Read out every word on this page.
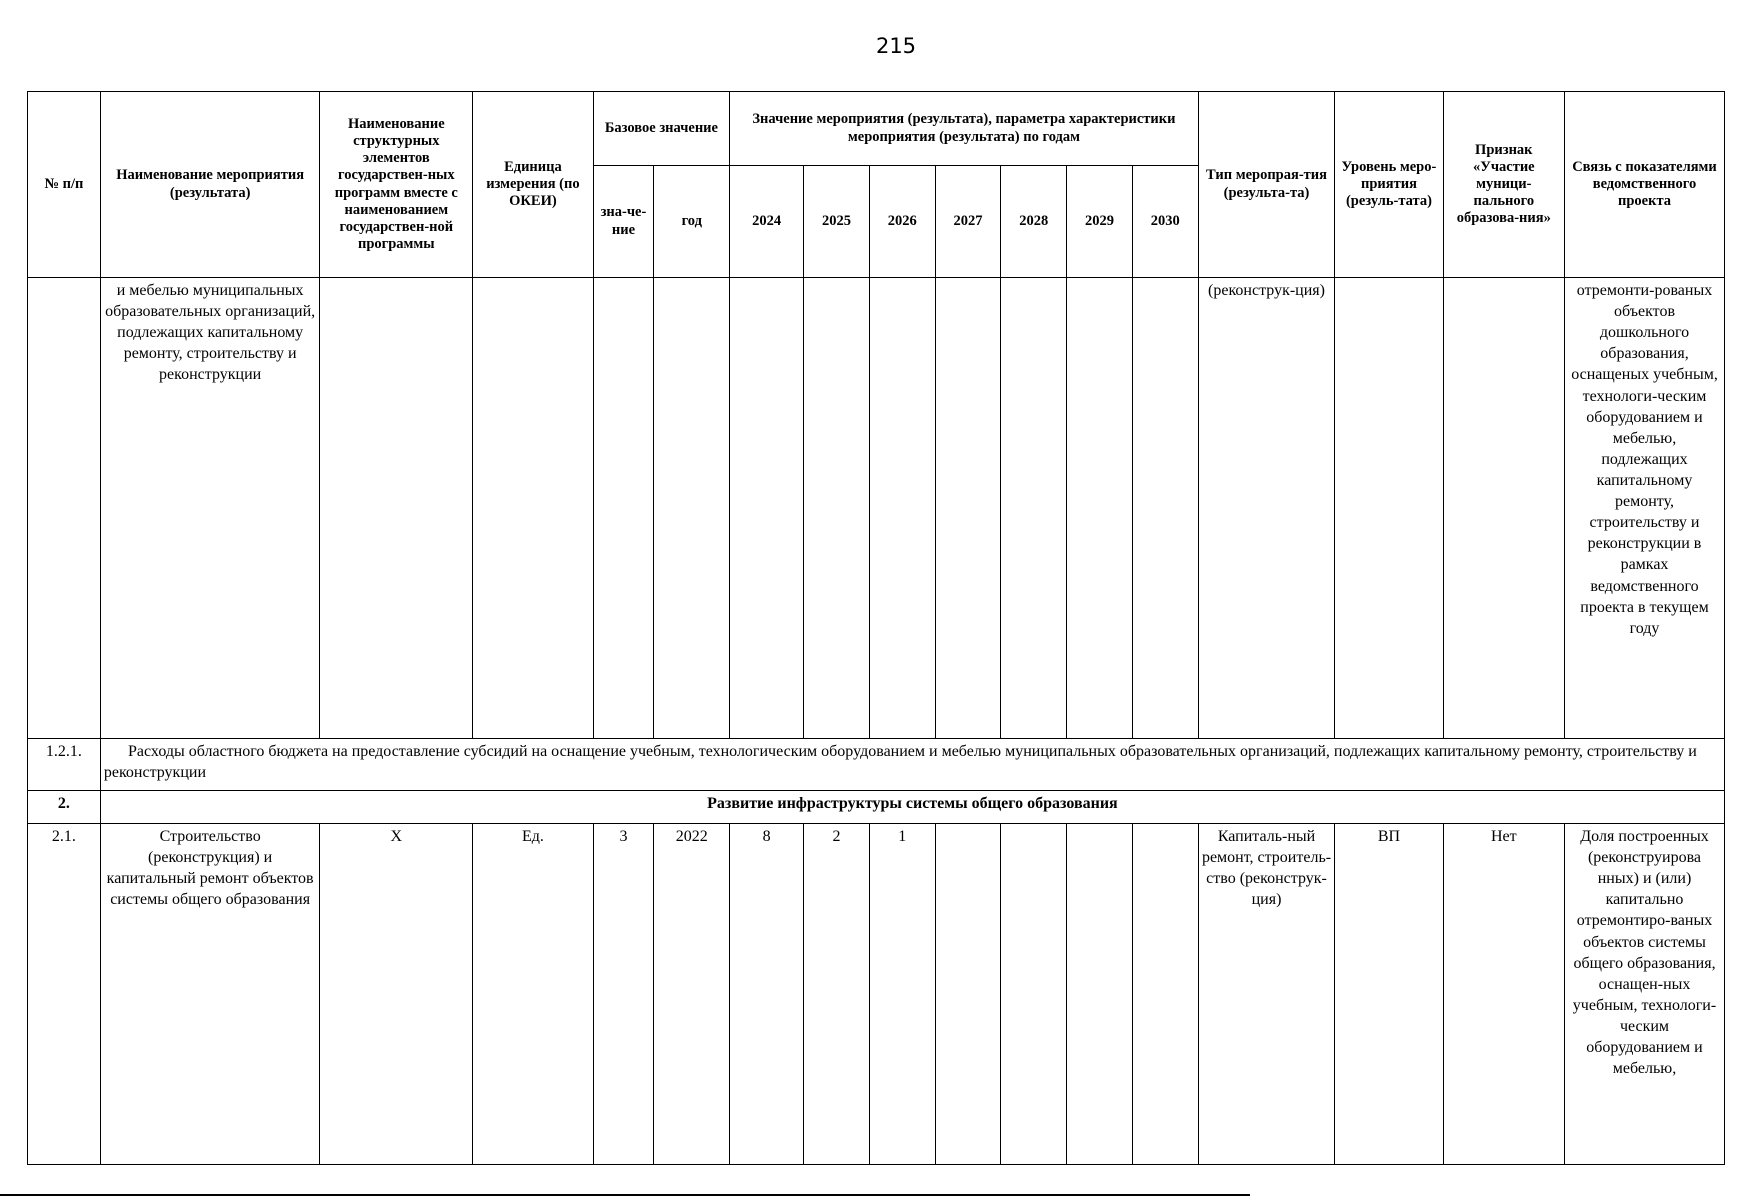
215
№ п/п	Наименование мероприятия (результата)	Наименование структурных элементов государствен-ных программ вместе с наименованием государствен-ной программы	Единица измерения (по ОКЕИ)	Базовое значение		Значение мероприятия (результата), параметра характеристики мероприятия (результата) по годам							Тип меропрая-тия (результа-та)	Уровень меро-приятия (резуль-тата)	Признак «Участие муници-пального образова-ния»	Связь с показателями ведомственного проекта
				зна-че-ние	год	2024	2025	2026	2027	2028	2029	2030				
	и мебелью муниципальных образовательных организаций, подлежащих капитальному ремонту, строительству и реконструкции												(реконструк-ция)			отремонти-рованых объектов дошкольного образования, оснащеных учебным, технологи-ческим оборудованием и мебелью, подлежащих капитальному ремонту, строительству и реконструкции в рамках ведомственного проекта в текущем году
1.2.1.	Расходы областного бюджета на предоставление субсидий на оснащение учебным, технологическим оборудованием и мебелью муниципальных образовательных организаций, подлежащих капитальному ремонту, строительству и реконструкции															
2.	Развитие инфраструктуры системы общего образования															
2.1.	Строительство (реконструкция) и капитальный ремонт объектов системы общего образования	Х	Ед.	3	2022	8	2	1					Капиталь-ный ремонт, строитель-ство (реконструк-ция)	ВП	Нет	Доля построенных (реконструирова нных) и (или) капитально отремонтиро-ваных объектов системы общего образования, оснащен-ных учебным, технологи-ческим оборудованием и мебелью,
